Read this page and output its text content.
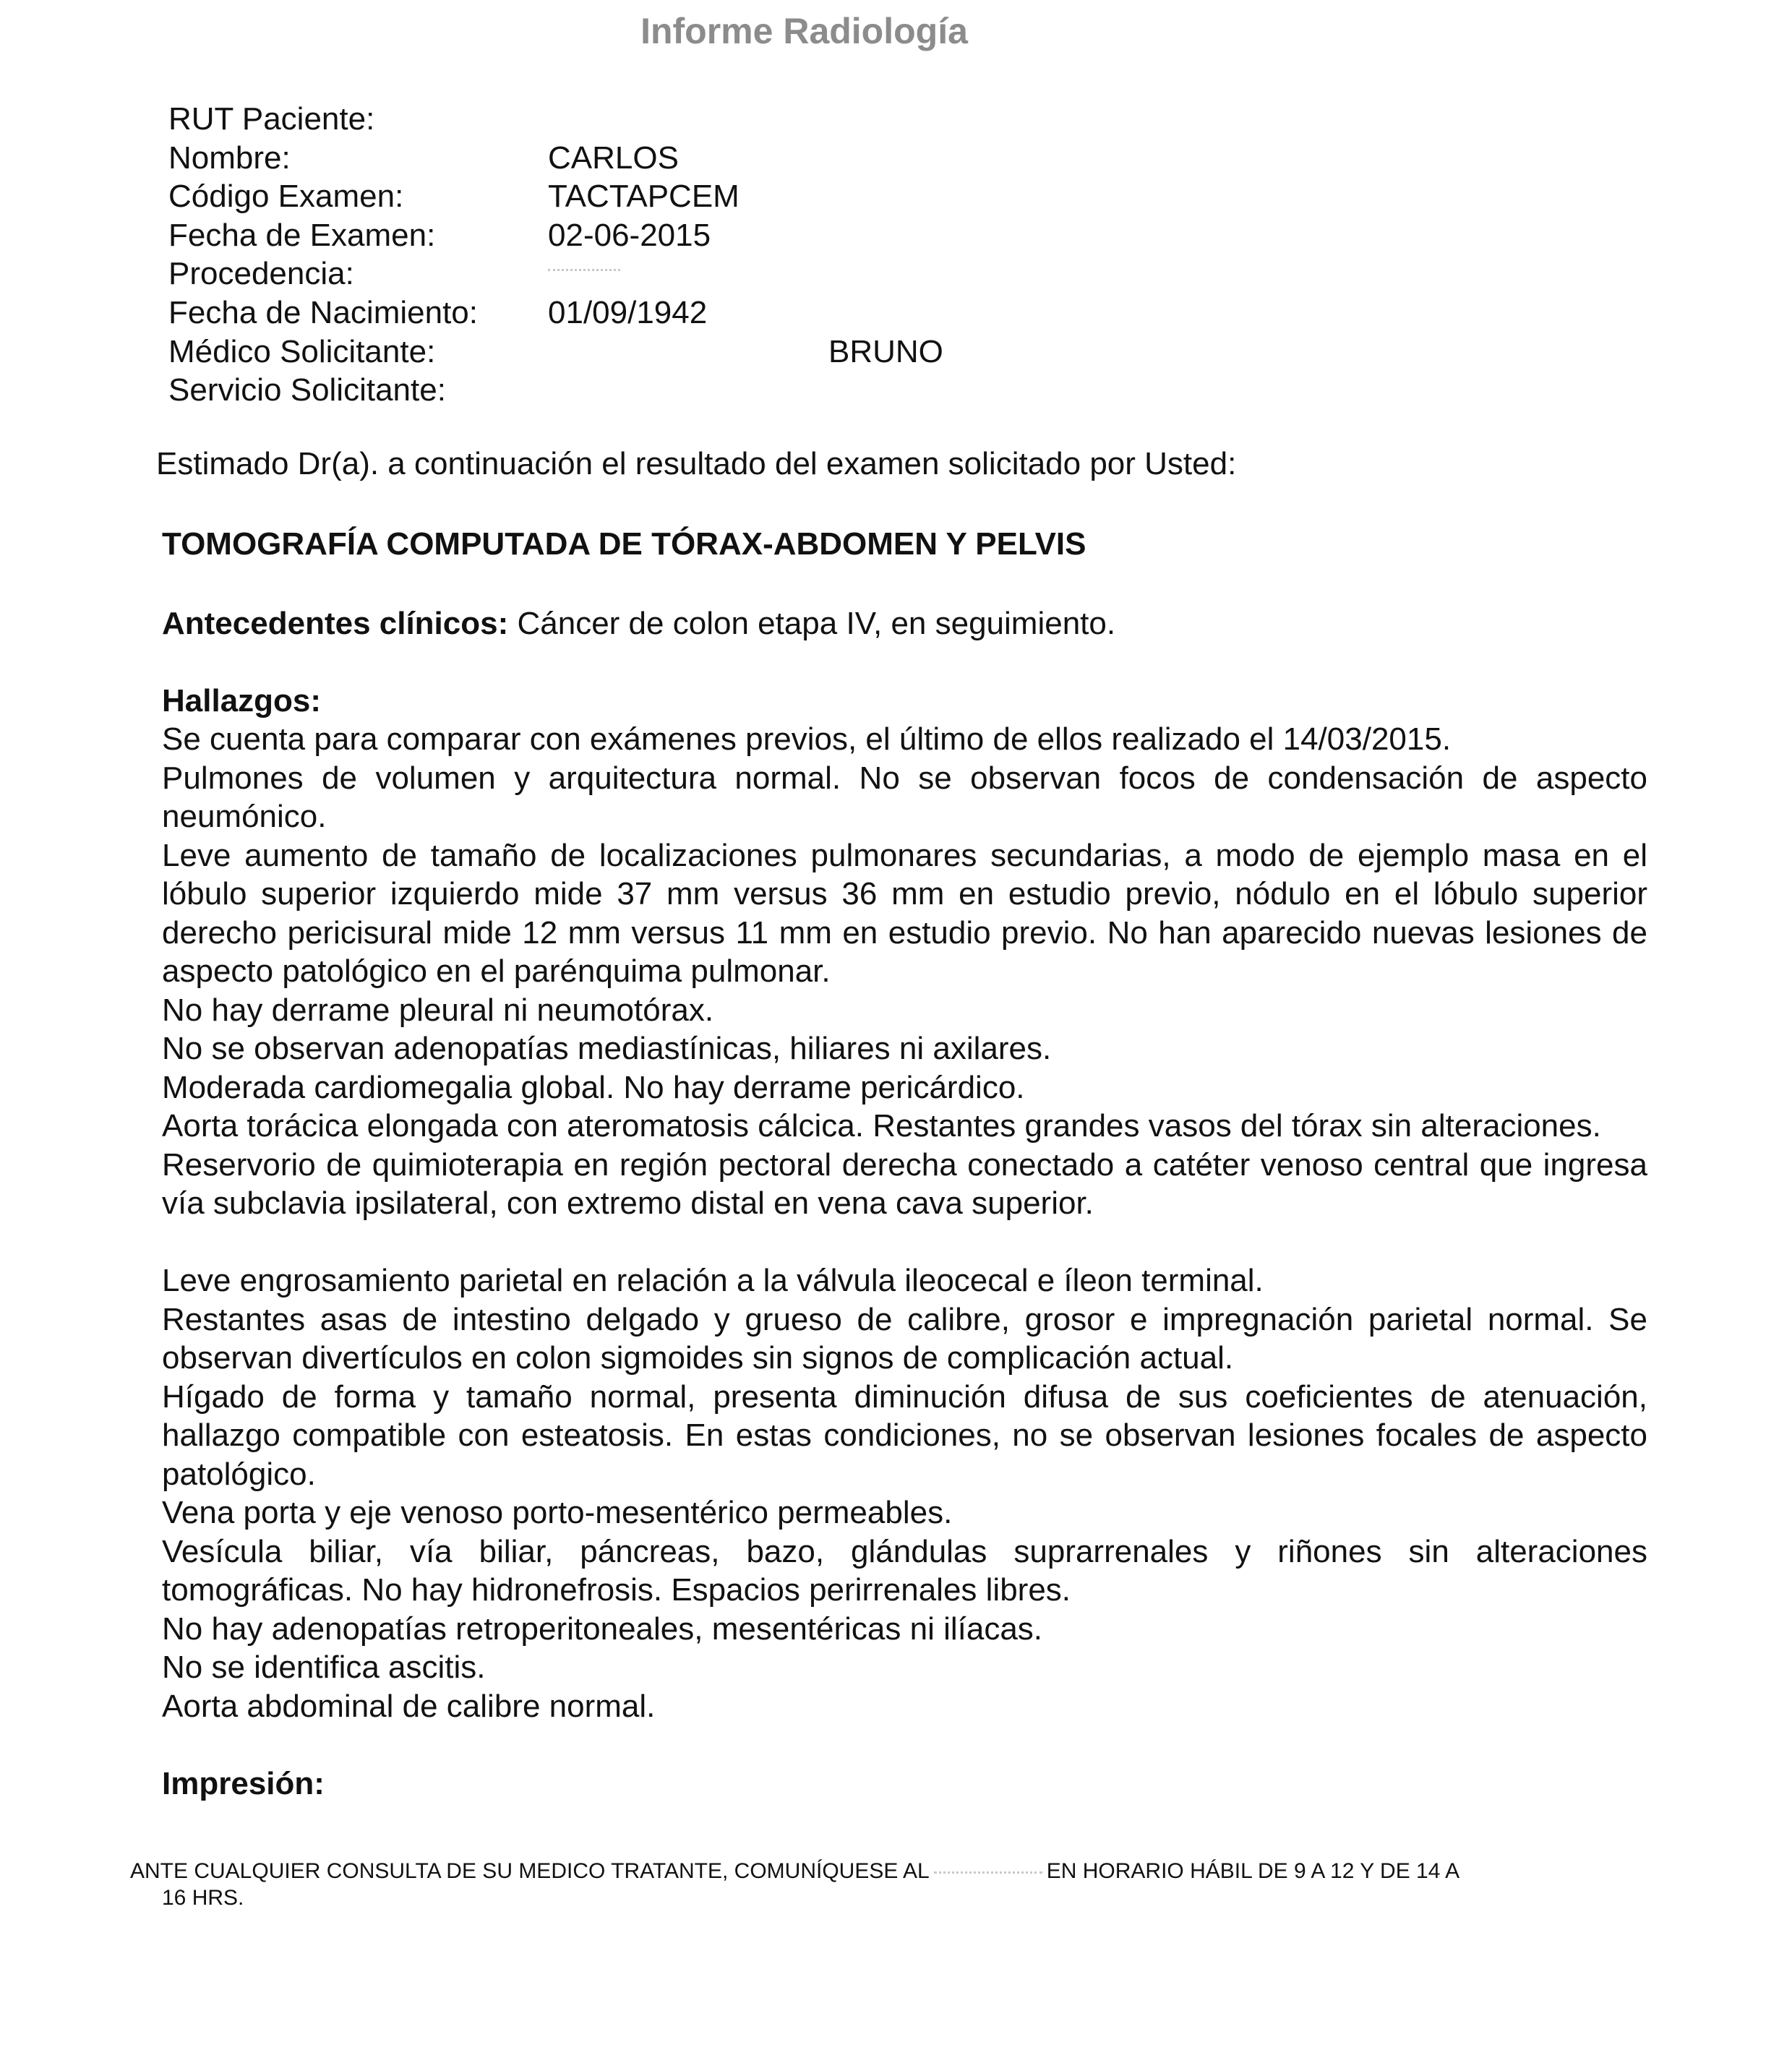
Informe Radiología
RUT Paciente:
Nombre:	CARLOS
Código Examen:	TACTAPCEM
Fecha de Examen:	02-06-2015
Procedencia:
Fecha de Nacimiento: 01/09/1942
Médico Solicitante:	BRUNO
Servicio Solicitante:

Estimado Dr(a). a continuación el resultado del examen solicitado por Usted:

TOMOGRAFÍA COMPUTADA DE TÓRAX-ABDOMEN Y PELVIS

Antecedentes clínicos: Cáncer de colon etapa IV, en seguimiento.

Hallazgos:

Se cuenta para comparar con exámenes previos, el último de ellos realizado el 14/03/2015.

Pulmones de volumen y arquitectura normal. No se observan focos de condensación de aspecto neumónico.

Leve aumento de tamaño de localizaciones pulmonares secundarias, a modo de ejemplo masa en el lóbulo superior izquierdo mide 37 mm versus 36 mm en estudio previo, nódulo en el lóbulo superior derecho pericisural mide 12 mm versus 11 mm en estudio previo. No han aparecido nuevas lesiones de aspecto patológico en el parénquima pulmonar.

No hay derrame pleural ni neumotórax.

No se observan adenopatías mediastínicas, hiliares ni axilares.

Moderada cardiomegalia global. No hay derrame pericárdico.

Aorta torácica elongada con ateromatosis cálcica. Restantes grandes vasos del tórax sin alteraciones.

Reservorio de quimioterapia en región pectoral derecha conectado a catéter venoso central que ingresa vía subclavia ipsilateral, con extremo distal en vena cava superior.

Leve engrosamiento parietal en relación a la válvula ileocecal e íleon terminal.

Restantes asas de intestino delgado y grueso de calibre, grosor e impregnación parietal normal. Se observan divertículos en colon sigmoides sin signos de complicación actual.

Hígado de forma y tamaño normal, presenta diminución difusa de sus coeficientes de atenuación, hallazgo compatible con esteatosis. En estas condiciones, no se observan lesiones focales de aspecto patológico.

Vena porta y eje venoso porto-mesentérico permeables.

Vesícula biliar, vía biliar, páncreas, bazo, glándulas suprarrenales y riñones sin alteraciones tomográficas. No hay hidronefrosis. Espacios perirrenales libres.

No hay adenopatías retroperitoneales, mesentéricas ni ilíacas.

No se identifica ascitis.

Aorta abdominal de calibre normal.

Impresión:

ANTE CUALQUIER CONSULTA DE SU MEDICO TRATANTE, COMUNÍQUESE AL	EN HORARIO HÁBIL DE 9 A 12 Y DE 14 A
16 HRS.
